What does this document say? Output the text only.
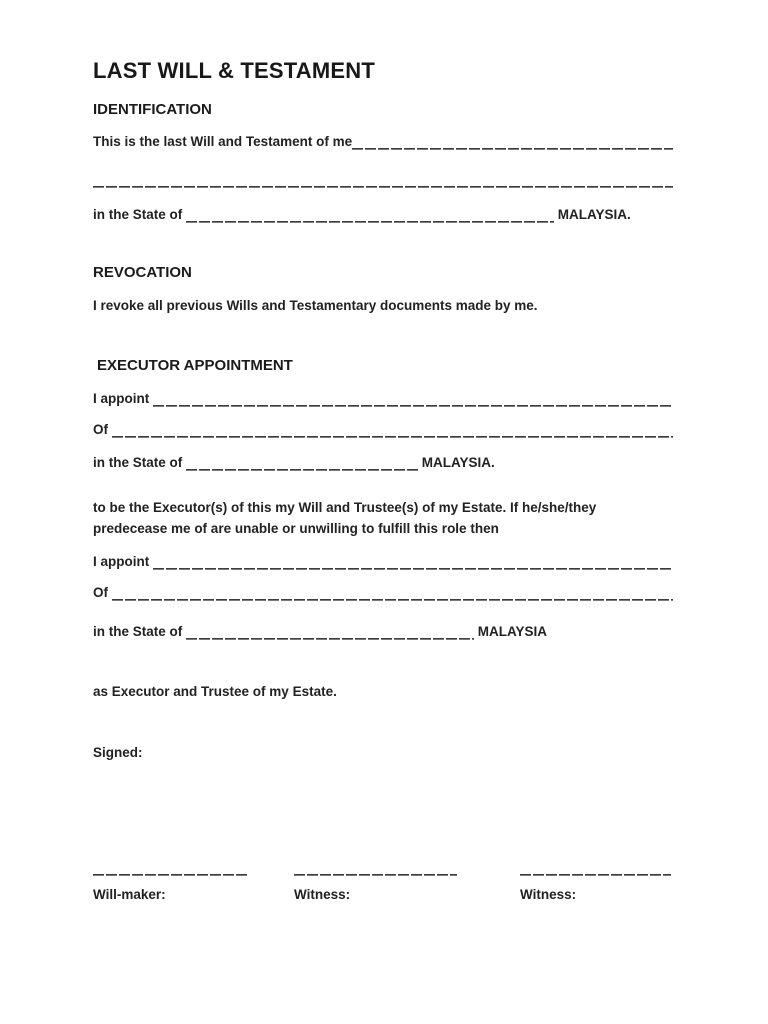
LAST WILL & TESTAMENT
IDENTIFICATION
This is the last Will and Testament of me
in the State of	MALAYSIA.
REVOCATION

I revoke all previous Wills and Testamentary documents made by me.

EXECUTOR APPOINTMENT
I appoint
Of
in the State of	MALAYSIA.

to be the Executor(s) of this my Will and Trustee(s) of my Estate. If he/she/they predecease me of are unable or unwilling to fulfill this role then

I appoint
Of
in the State of	MALAYSIA

as Executor and Trustee of my Estate.

Signed:

Will-maker:	Witness:	Witness:
